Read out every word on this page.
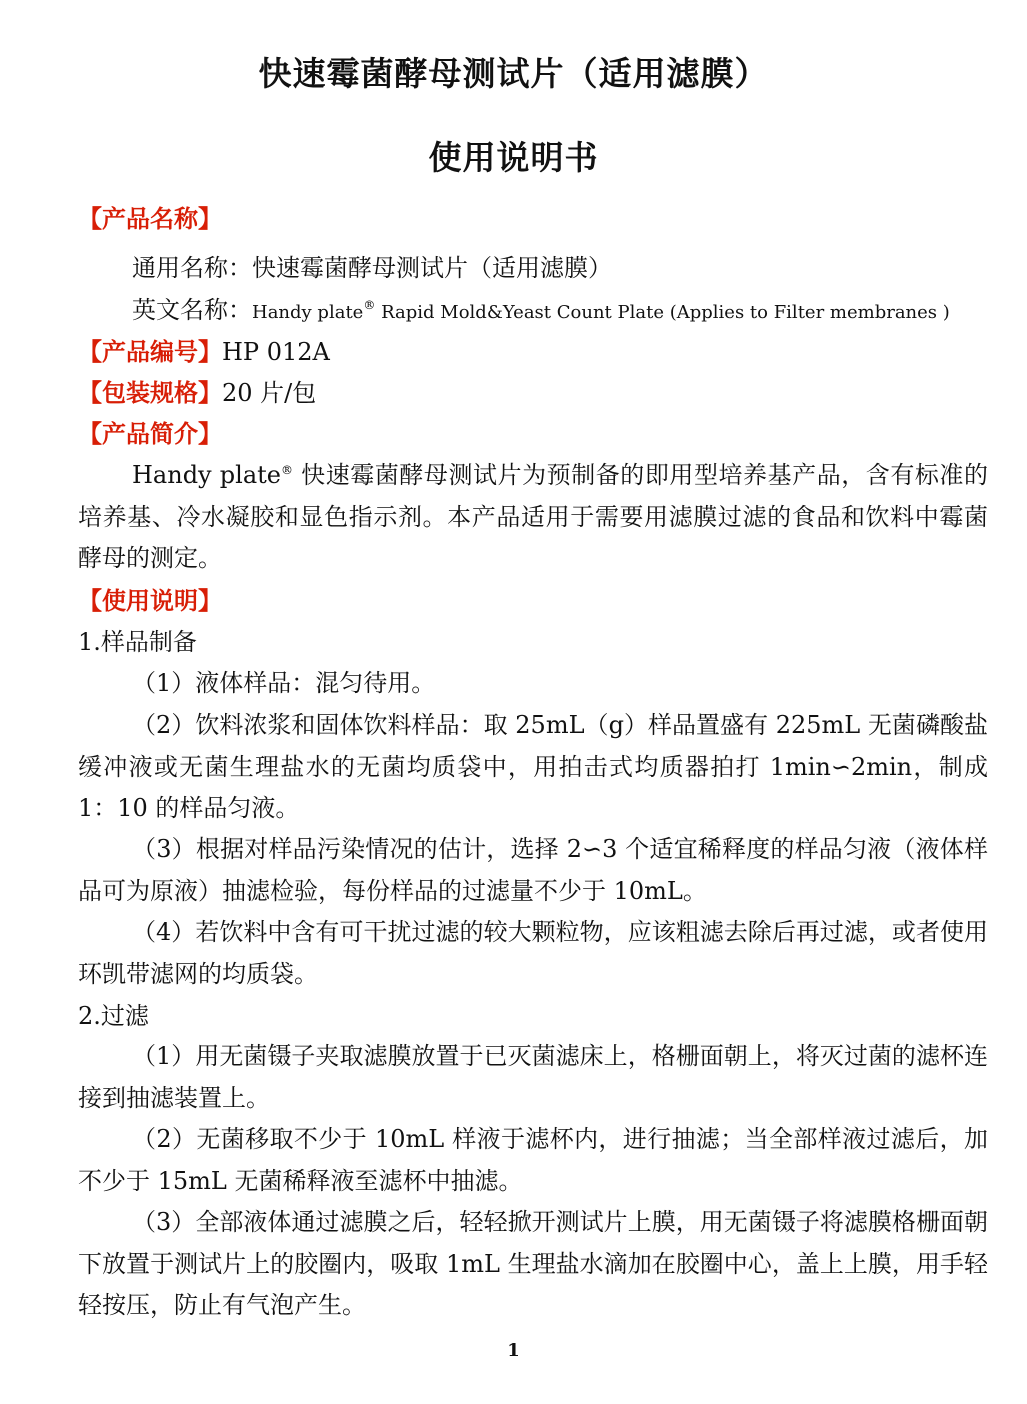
快速霉菌酵母测试片（适用滤膜）
使用说明书
【产品名称】
通用名称：快速霉菌酵母测试片（适用滤膜）
英文名称：Handy plate® Rapid Mold&Yeast Count Plate (Applies to Filter membranes )
【产品编号】HP 012A
【包装规格】20 片/包
【产品简介】
Handy plate® 快速霉菌酵母测试片为预制备的即用型培养基产品，含有标准的培养基、冷水凝胶和显色指示剂。本产品适用于需要用滤膜过滤的食品和饮料中霉菌酵母的测定。
【使用说明】
1.样品制备
（1）液体样品：混匀待用。
（2）饮料浓浆和固体饮料样品：取 25mL（g）样品置盛有 225mL 无菌磷酸盐缓冲液或无菌生理盐水的无菌均质袋中，用拍击式均质器拍打 1min∽2min，制成 1：10 的样品匀液。
（3）根据对样品污染情况的估计，选择 2∽3 个适宜稀释度的样品匀液（液体样品可为原液）抽滤检验，每份样品的过滤量不少于 10mL。
（4）若饮料中含有可干扰过滤的较大颗粒物，应该粗滤去除后再过滤，或者使用环凯带滤网的均质袋。
2.过滤
（1）用无菌镊子夹取滤膜放置于已灭菌滤床上，格栅面朝上，将灭过菌的滤杯连接到抽滤装置上。
（2）无菌移取不少于 10mL 样液于滤杯内，进行抽滤；当全部样液过滤后，加不少于 15mL 无菌稀释液至滤杯中抽滤。
（3）全部液体通过滤膜之后，轻轻掀开测试片上膜，用无菌镊子将滤膜格栅面朝下放置于测试片上的胶圈内，吸取 1mL 生理盐水滴加在胶圈中心，盖上上膜，用手轻轻按压，防止有气泡产生。
1
